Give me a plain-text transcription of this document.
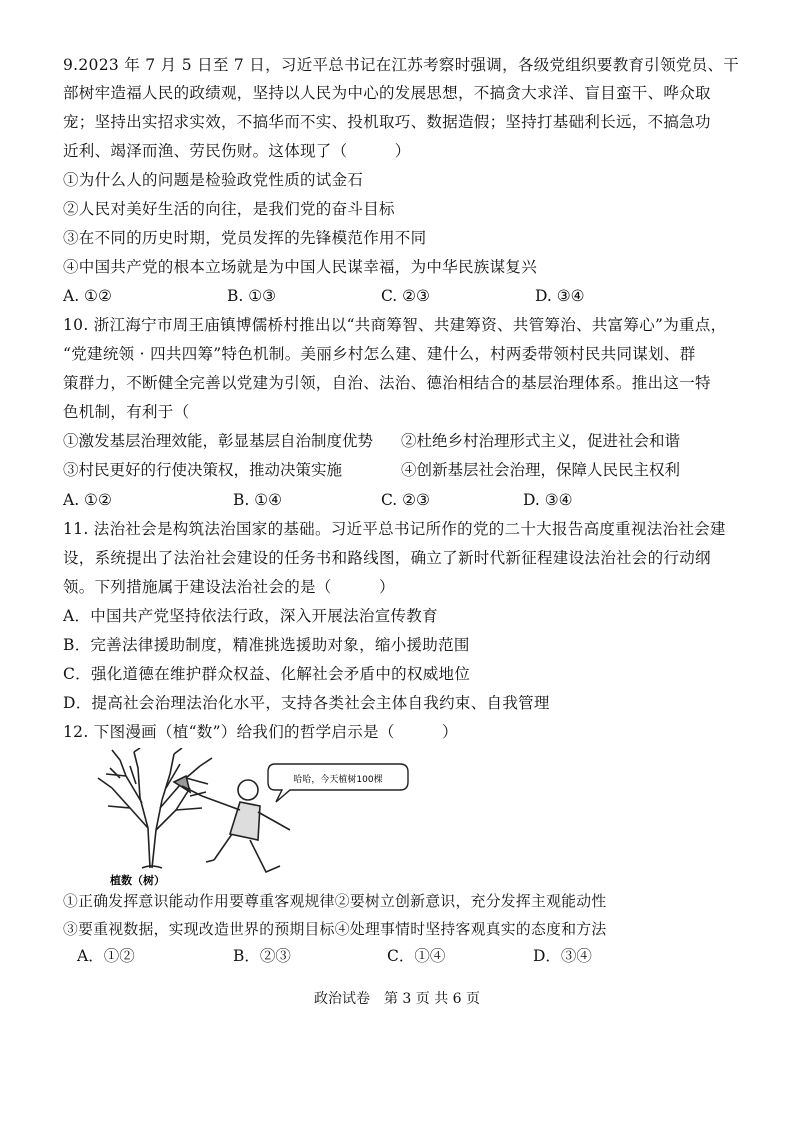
9.2023 年 7 月 5 日至 7 日，习近平总书记在江苏考察时强调，各级党组织要教育引领党员、干
部树牢造福人民的政绩观，坚持以人民为中心的发展思想，不搞贪大求洋、盲目蛮干、哗众取
宠；坚持出实招求实效，不搞华而不实、投机取巧、数据造假；坚持打基础利长远，不搞急功
近利、竭泽而渔、劳民伤财。这体现了（　　　）
①为什么人的问题是检验政党性质的试金石
②人民对美好生活的向往，是我们党的奋斗目标
③在不同的历史时期，党员发挥的先锋模范作用不同
④中国共产党的根本立场就是为中国人民谋幸福，为中华民族谋复兴
A. ①②	B. ①③	C. ②③	D. ③④
10. 浙江海宁市周王庙镇博儒桥村推出以“共商筹智、共建筹资、共管筹治、共富筹心”为重点，
“党建统领 · 四共四筹”特色机制。美丽乡村怎么建、建什么，村两委带领村民共同谋划、群
策群力，不断健全完善以党建为引领，自治、法治、德治相结合的基层治理体系。推出这一特
色机制，有利于（
①激发基层治理效能，彰显基层自治制度优势 ②杜绝乡村治理形式主义，促进社会和谐
③村民更好的行使决策权，推动决策实施	④创新基层社会治理，保障人民民主权利
A. ①②	B. ①④	C. ②③	D. ③④
11. 法治社会是构筑法治国家的基础。习近平总书记所作的党的二十大报告高度重视法治社会建
设，系统提出了法治社会建设的任务书和路线图，确立了新时代新征程建设法治社会的行动纲
领。下列措施属于建设法治社会的是（　　　）
A．中国共产党坚持依法行政，深入开展法治宣传教育
B．完善法律援助制度，精准挑选援助对象，缩小援助范围
C．强化道德在维护群众权益、化解社会矛盾中的权威地位
D．提高社会治理法治化水平，支持各类社会主体自我约束、自我管理
12. 下图漫画（植“数”）给我们的哲学启示是（　　　）
哈哈，今天植树100棵
植数（树）
①正确发挥意识能动作用要尊重客观规律②要树立创新意识，充分发挥主观能动性
③要重视数据，实现改造世界的预期目标④处理事情时坚持客观真实的态度和方法
A．①②	B．②③	C．①④	D．③④
政治试卷　第 3 页 共 6 页
